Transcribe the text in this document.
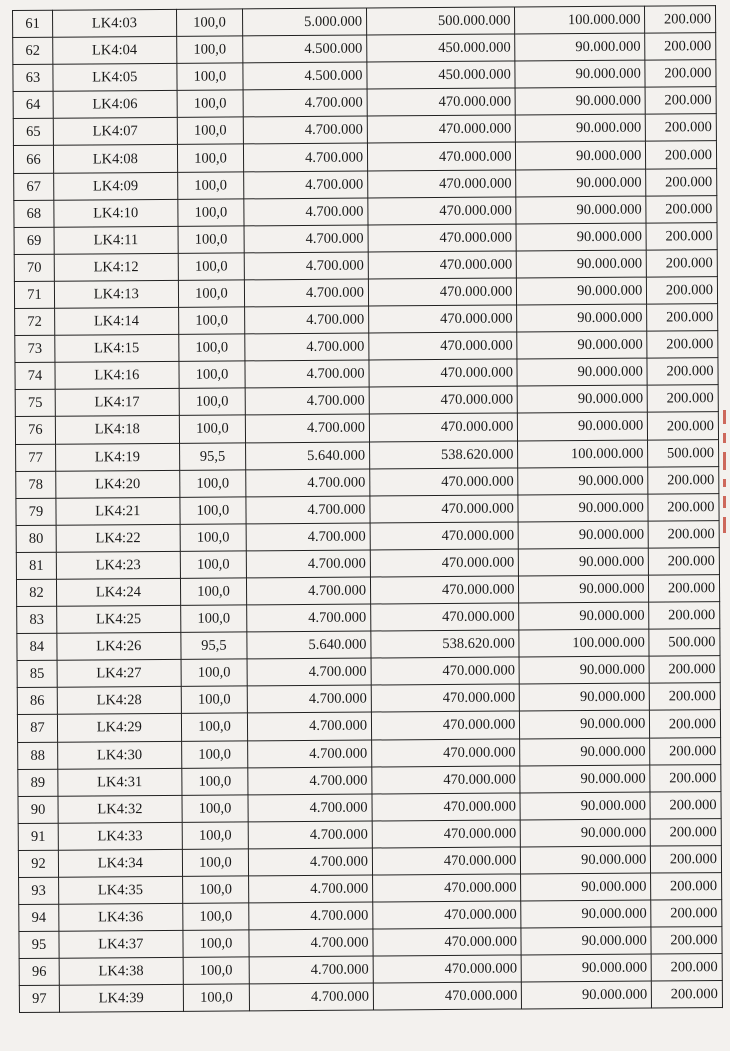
61	LK4:03	100,0	5.000.000	500.000.000	100.000.000	200.000
62	LK4:04	100,0	4.500.000	450.000.000	90.000.000	200.000
63	LK4:05	100,0	4.500.000	450.000.000	90.000.000	200.000
64	LK4:06	100,0	4.700.000	470.000.000	90.000.000	200.000
65	LK4:07	100,0	4.700.000	470.000.000	90.000.000	200.000
66	LK4:08	100,0	4.700.000	470.000.000	90.000.000	200.000
67	LK4:09	100,0	4.700.000	470.000.000	90.000.000	200.000
68	LK4:10	100,0	4.700.000	470.000.000	90.000.000	200.000
69	LK4:11	100,0	4.700.000	470.000.000	90.000.000	200.000
70	LK4:12	100,0	4.700.000	470.000.000	90.000.000	200.000
71	LK4:13	100,0	4.700.000	470.000.000	90.000.000	200.000
72	LK4:14	100,0	4.700.000	470.000.000	90.000.000	200.000
73	LK4:15	100,0	4.700.000	470.000.000	90.000.000	200.000
74	LK4:16	100,0	4.700.000	470.000.000	90.000.000	200.000
75	LK4:17	100,0	4.700.000	470.000.000	90.000.000	200.000
76	LK4:18	100,0	4.700.000	470.000.000	90.000.000	200.000
77	LK4:19	95,5	5.640.000	538.620.000	100.000.000	500.000
78	LK4:20	100,0	4.700.000	470.000.000	90.000.000	200.000
79	LK4:21	100,0	4.700.000	470.000.000	90.000.000	200.000
80	LK4:22	100,0	4.700.000	470.000.000	90.000.000	200.000
81	LK4:23	100,0	4.700.000	470.000.000	90.000.000	200.000
82	LK4:24	100,0	4.700.000	470.000.000	90.000.000	200.000
83	LK4:25	100,0	4.700.000	470.000.000	90.000.000	200.000
84	LK4:26	95,5	5.640.000	538.620.000	100.000.000	500.000
85	LK4:27	100,0	4.700.000	470.000.000	90.000.000	200.000
86	LK4:28	100,0	4.700.000	470.000.000	90.000.000	200.000
87	LK4:29	100,0	4.700.000	470.000.000	90.000.000	200.000
88	LK4:30	100,0	4.700.000	470.000.000	90.000.000	200.000
89	LK4:31	100,0	4.700.000	470.000.000	90.000.000	200.000
90	LK4:32	100,0	4.700.000	470.000.000	90.000.000	200.000
91	LK4:33	100,0	4.700.000	470.000.000	90.000.000	200.000
92	LK4:34	100,0	4.700.000	470.000.000	90.000.000	200.000
93	LK4:35	100,0	4.700.000	470.000.000	90.000.000	200.000
94	LK4:36	100,0	4.700.000	470.000.000	90.000.000	200.000
95	LK4:37	100,0	4.700.000	470.000.000	90.000.000	200.000
96	LK4:38	100,0	4.700.000	470.000.000	90.000.000	200.000
97	LK4:39	100,0	4.700.000	470.000.000	90.000.000	200.000
